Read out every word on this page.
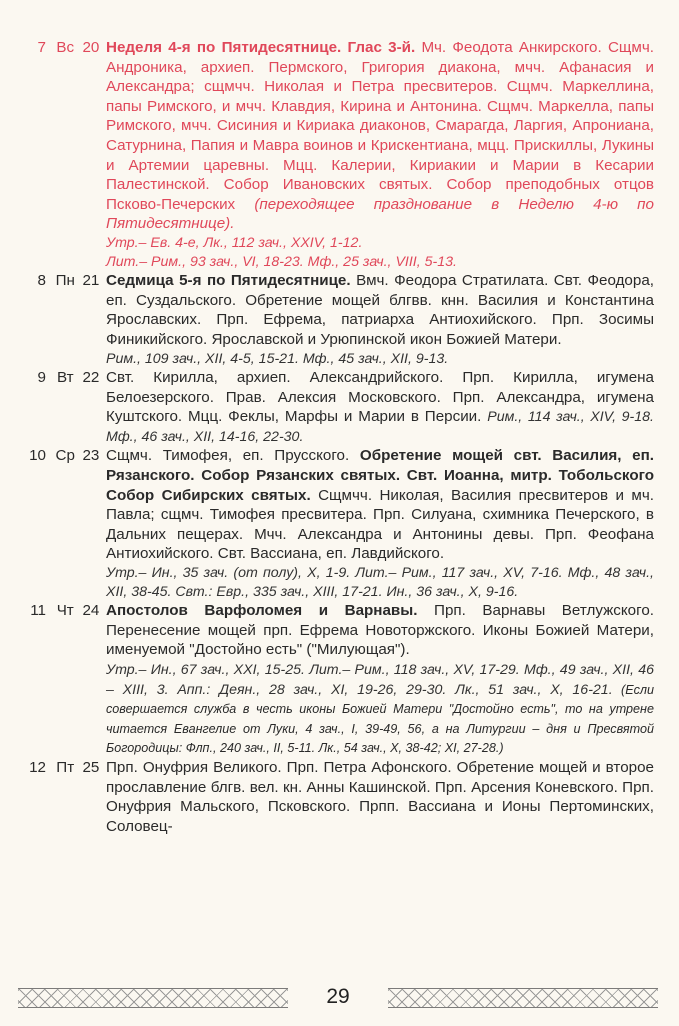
7 Вс 20 Неделя 4-я по Пятидесятнице. Глас 3-й. Мч. Феодота Анкирского. Сщмч. Андроника, архиеп. Пермского, Григория диакона, мчч. Афанасия и Александра; сщмчч. Николая и Петра пресвитеров. Сщмч. Маркеллина, папы Римского, и мчч. Клавдия, Кирина и Антонина. Сщмч. Маркелла, папы Римского, мчч. Сисиния и Кириака диаконов, Смарагда, Ларгия, Апрониана, Сатурнина, Папия и Мавра воинов и Крискентиана, мцц. Прискиллы, Лукины и Артемии царевны. Мцц. Калерии, Кириакии и Марии в Кесарии Палестинской. Собор Ивановских святых. Собор преподобных отцов Псково-Печерских (переходящее празднование в Неделю 4-ю по Пятидесятнице).
Утр.– Ев. 4-е, Лк., 112 зач., XXIV, 1-12.
Лит.– Рим., 93 зач., VI, 18-23. Мф., 25 зач., VIII, 5-13.
8 Пн 21 Седмица 5-я по Пятидесятнице. Вмч. Феодора Стратилата. Свт. Феодора, еп. Суздальского. Обретение мощей блгвв. кнн. Василия и Константина Ярославских. Прп. Ефрема, патриарха Антиохийского. Прп. Зосимы Финикийского. Ярославской и Урюпинской икон Божией Матери.
Рим., 109 зач., XII, 4-5, 15-21. Мф., 45 зач., XII, 9-13.
9 Вт 22 Свт. Кирилла, архиеп. Александрийского. Прп. Кирилла, игумена Белоезерского. Прав. Алексия Московского. Прп. Александра, игумена Куштского. Мцц. Феклы, Марфы и Марии в Персии. Рим., 114 зач., XIV, 9-18. Мф., 46 зач., XII, 14-16, 22-30.
10 Ср 23 Сщмч. Тимофея, еп. Прусского. Обретение мощей свт. Василия, еп. Рязанского. Собор Рязанских святых. Свт. Иоанна, митр. Тобольского Собор Сибирских святых. Сщмчч. Николая, Василия пресвитеров и мч. Павла; сщмч. Тимофея пресвитера. Прп. Силуана, схимника Печерского, в Дальних пещерах. Мчч. Александра и Антонины девы. Прп. Феофана Антиохийского. Свт. Вассиана, еп. Лавдийского.
Утр.– Ин., 35 зач. (от полу), X, 1-9. Лит.– Рим., 117 зач., XV, 7-16. Мф., 48 зач., XII, 38-45. Свт.: Евр., 335 зач., XIII, 17-21. Ин., 36 зач., X, 9-16.
11 Чт 24 Апостолов Варфоломея и Варнавы. Прп. Варнавы Ветлужского. Перенесение мощей прп. Ефрема Новоторжского. Иконы Божией Матери, именуемой "Достойно есть" ("Милующая").
Утр.– Ин., 67 зач., XXI, 15-25. Лит.– Рим., 118 зач., XV, 17-29. Мф., 49 зач., XII, 46 – XIII, 3. Апп.: Деян., 28 зач., XI, 19-26, 29-30. Лк., 51 зач., X, 16-21. (Если совершается служба в честь иконы Божией Матери "Достойно есть", то на утрене читается Евангелие от Луки, 4 зач., I, 39-49, 56, а на Литургии – дня и Пресвятой Богородицы: Флп., 240 зач., II, 5-11. Лк., 54 зач., X, 38-42; XI, 27-28.)
12 Пт 25 Прп. Онуфрия Великого. Прп. Петра Афонского. Обретение мощей и второе прославление блгв. вел. кн. Анны Кашинской. Прп. Арсения Коневского. Прп. Онуфрия Мальского, Псковского. Прпп. Вассиана и Ионы Пертоминских, Соловец-
29
